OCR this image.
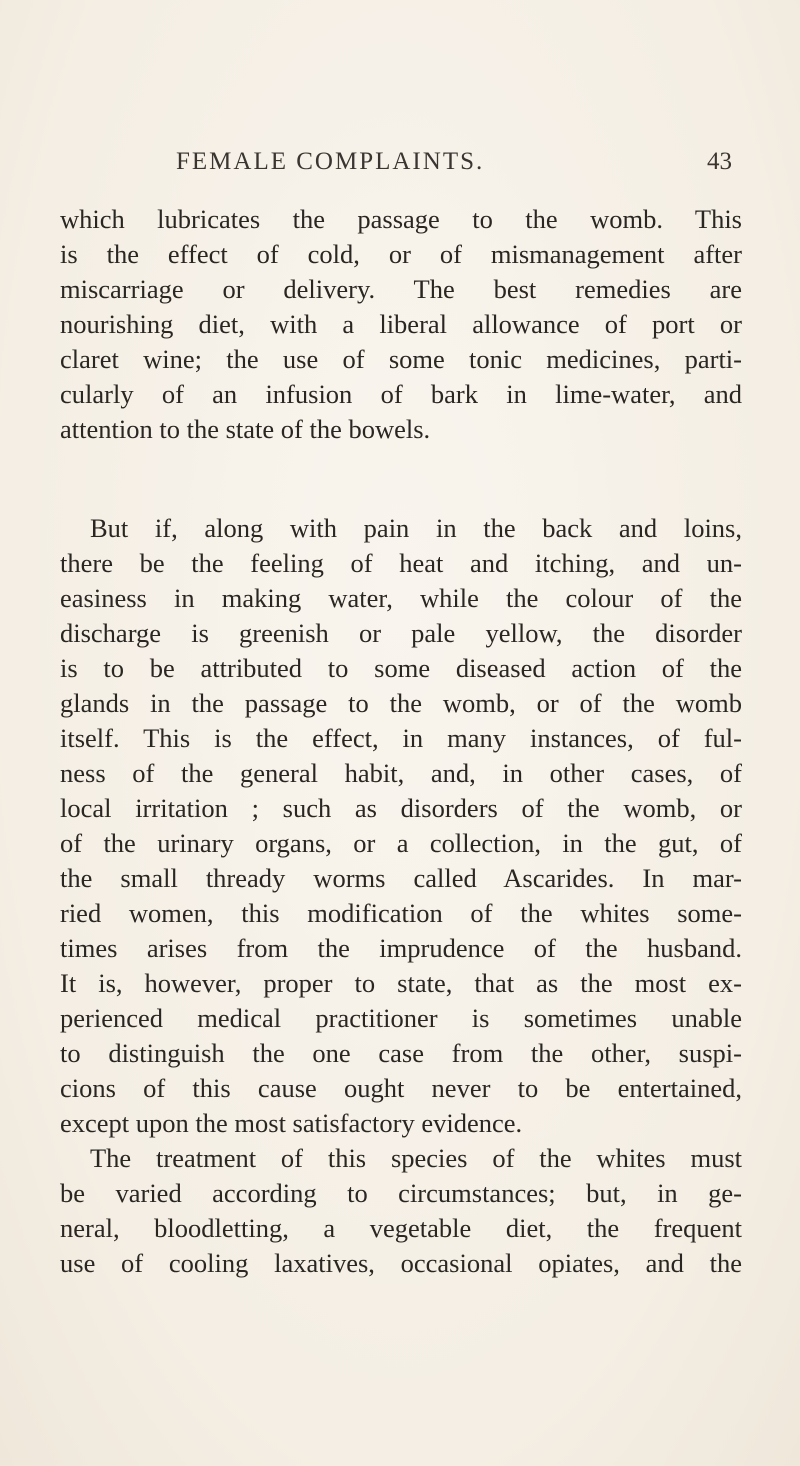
FEMALE COMPLAINTS.	43
which lubricates the passage to the womb. This
is the effect of cold, or of mismanagement after
miscarriage or delivery. The best remedies are
nourishing diet, with a liberal allowance of port or
claret wine; the use of some tonic medicines, parti-
cularly of an infusion of bark in lime-water, and
attention to the state of the bowels.
But if, along with pain in the back and loins,
there be the feeling of heat and itching, and un-
easiness in making water, while the colour of the
discharge is greenish or pale yellow, the disorder
is to be attributed to some diseased action of the
glands in the passage to the womb, or of the womb
itself. This is the effect, in many instances, of ful-
ness of the general habit, and, in other cases, of
local irritation ; such as disorders of the womb, or
of the urinary organs, or a collection, in the gut, of
the small thready worms called Ascarides. In mar-
ried women, this modification of the whites some-
times arises from the imprudence of the husband.
It is, however, proper to state, that as the most ex-
perienced medical practitioner is sometimes unable
to distinguish the one case from the other, suspi-
cions of this cause ought never to be entertained,
except upon the most satisfactory evidence.
The treatment of this species of the whites must
be varied according to circumstances; but, in ge-
neral, bloodletting, a vegetable diet, the frequent
use of cooling laxatives, occasional opiates, and the
